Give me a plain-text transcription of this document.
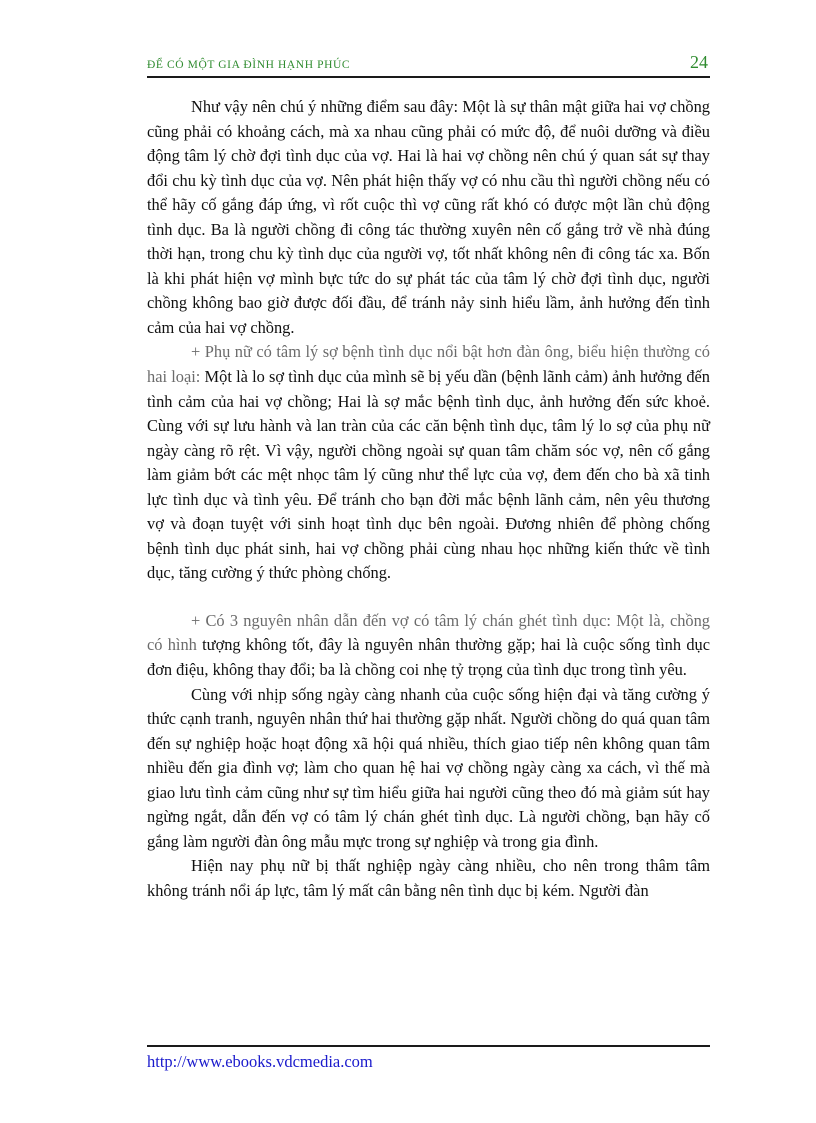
ĐỂ CÓ MỘT GIA ĐÌNH HẠNH PHÚC	24

Như vậy nên chú ý những điểm sau đây: Một là sự thân mật giữa hai vợ chồng cũng phải có khoảng cách, mà xa nhau cũng phải có mức độ, để nuôi dưỡng và điều động tâm lý chờ đợi tình dục của vợ. Hai là hai vợ chồng nên chú ý quan sát sự thay đổi chu kỳ tình dục của vợ. Nên phát hiện thấy vợ có nhu cầu thì người chồng nếu có thể hãy cố gắng đáp ứng, vì rốt cuộc thì vợ cũng rất khó có được một lần chủ động tình dục. Ba là người chồng đi công tác thường xuyên nên cố gắng trở về nhà đúng thời hạn, trong chu kỳ tình dục của người vợ, tốt nhất không nên đi công tác xa. Bốn là khi phát hiện vợ mình bực tức do sự phát tác của tâm lý chờ đợi tình dục, người chồng không bao giờ được đối đầu, để tránh nảy sinh hiểu lầm, ảnh hưởng đến tình cảm của hai vợ chồng.

+ Phụ nữ có tâm lý sợ bệnh tình dục nổi bật hơn đàn ông, biểu hiện thường có hai loại: Một là lo sợ tình dục của mình sẽ bị yếu dần (bệnh lãnh cảm) ảnh hưởng đến tình cảm của hai vợ chồng; Hai là sợ mắc bệnh tình dục, ảnh hưởng đến sức khoẻ. Cùng với sự lưu hành và lan tràn của các căn bệnh tình dục, tâm lý lo sợ của phụ nữ ngày càng rõ rệt. Vì vậy, người chồng ngoài sự quan tâm chăm sóc vợ, nên cố gắng làm giảm bớt các mệt nhọc tâm lý cũng như thể lực của vợ, đem đến cho bà xã tinh lực tình dục và tình yêu. Để tránh cho bạn đời mắc bệnh lãnh cảm, nên yêu thương vợ và đoạn tuyệt với sinh hoạt tình dục bên ngoài. Đương nhiên để phòng chống bệnh tình dục phát sinh, hai vợ chồng phải cùng nhau học những kiến thức về tình dục, tăng cường ý thức phòng chống.

+ Có 3 nguyên nhân dẫn đến vợ có tâm lý chán ghét tình dục: Một là, chồng có hình tượng không tốt, đây là nguyên nhân thường gặp; hai là cuộc sống tình dục đơn điệu, không thay đổi; ba là chồng coi nhẹ tỷ trọng của tình dục trong tình yêu.

Cùng với nhịp sống ngày càng nhanh của cuộc sống hiện đại và tăng cường ý thức cạnh tranh, nguyên nhân thứ hai thường gặp nhất. Người chồng do quá quan tâm đến sự nghiệp hoặc hoạt động xã hội quá nhiều, thích giao tiếp nên không quan tâm nhiều đến gia đình vợ; làm cho quan hệ hai vợ chồng ngày càng xa cách, vì thế mà giao lưu tình cảm cũng như sự tìm hiểu giữa hai người cũng theo đó mà giảm sút hay ngừng ngắt, dẫn đến vợ có tâm lý chán ghét tình dục. Là người chồng, bạn hãy cố gắng làm người đàn ông mẫu mực trong sự nghiệp và trong gia đình.

Hiện nay phụ nữ bị thất nghiệp ngày càng nhiều, cho nên trong thâm tâm không tránh nổi áp lực, tâm lý mất cân bằng nên tình dục bị kém. Người đàn

http://www.ebooks.vdcmedia.com
